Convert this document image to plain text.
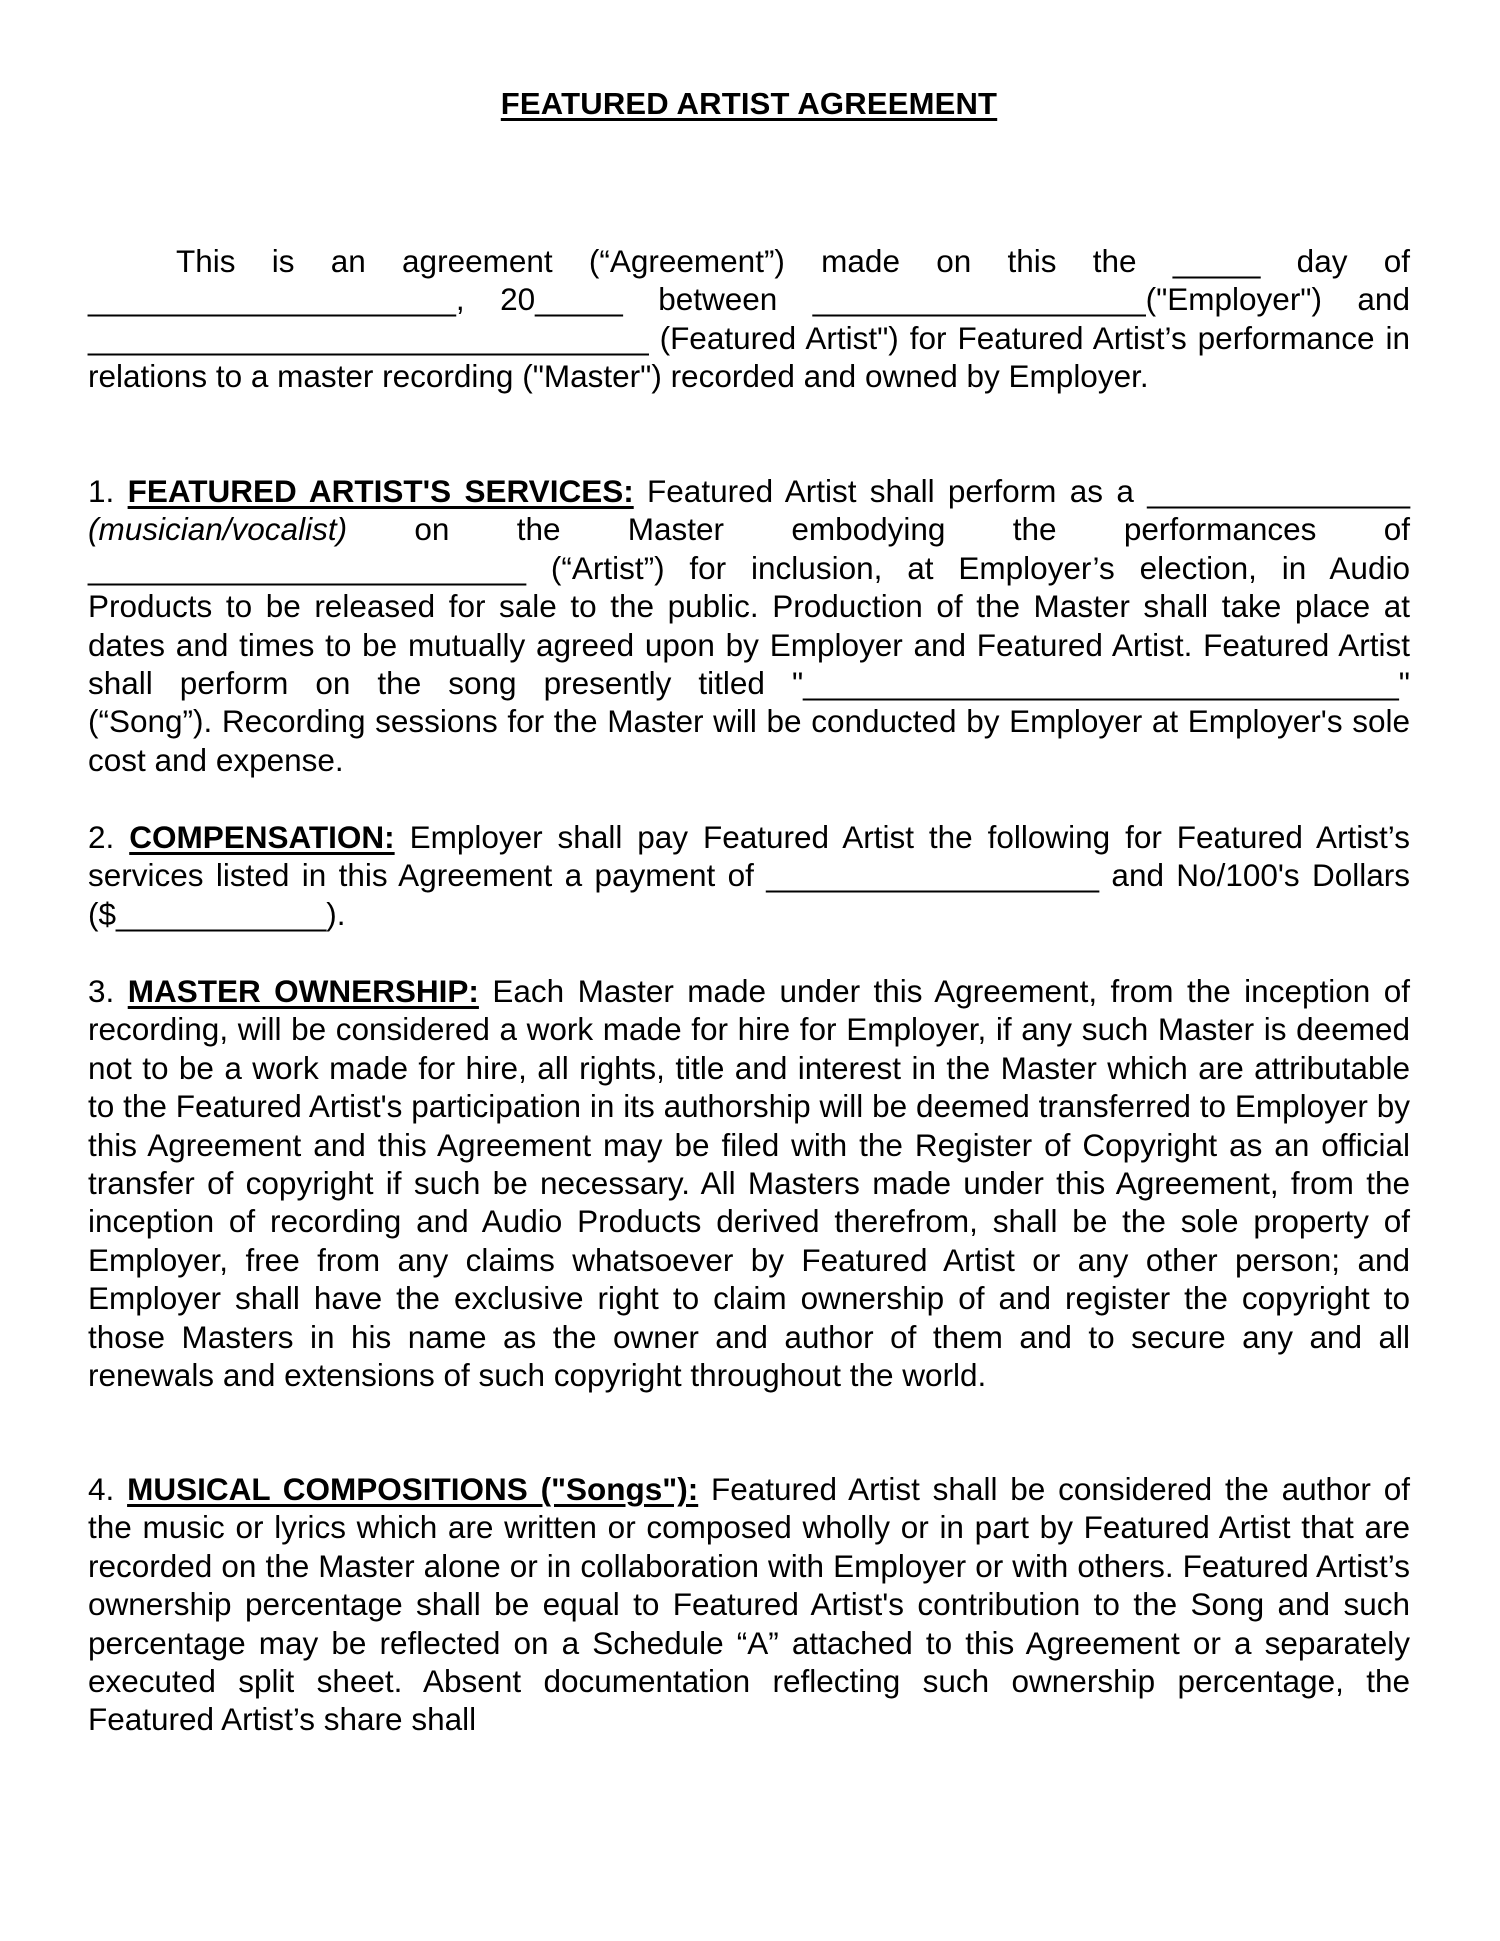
FEATURED ARTIST AGREEMENT
This is an agreement (“Agreement”) made on this the _____ day of _____________________, 20_____ between ___________________("Employer") and ________________________________ (Featured Artist") for Featured Artist’s performance in relations to a master recording ("Master") recorded and owned by Employer.
1. FEATURED ARTIST'S SERVICES: Featured Artist shall perform as a _______________ (musician/vocalist) on the Master embodying the performances of _________________________ (“Artist”) for inclusion, at Employer’s election, in Audio Products to be released for sale to the public. Production of the Master shall take place at dates and times to be mutually agreed upon by Employer and Featured Artist. Featured Artist shall perform on the song presently titled "__________________________________" (“Song”). Recording sessions for the Master will be conducted by Employer at Employer's sole cost and expense.
2. COMPENSATION: Employer shall pay Featured Artist the following for Featured Artist’s services listed in this Agreement a payment of ___________________ and No/100's Dollars ($____________).
3. MASTER OWNERSHIP: Each Master made under this Agreement, from the inception of recording, will be considered a work made for hire for Employer, if any such Master is deemed not to be a work made for hire, all rights, title and interest in the Master which are attributable to the Featured Artist's participation in its authorship will be deemed transferred to Employer by this Agreement and this Agreement may be filed with the Register of Copyright as an official transfer of copyright if such be necessary. All Masters made under this Agreement, from the inception of recording and Audio Products derived therefrom, shall be the sole property of Employer, free from any claims whatsoever by Featured Artist or any other person; and Employer shall have the exclusive right to claim ownership of and register the copyright to those Masters in his name as the owner and author of them and to secure any and all renewals and extensions of such copyright throughout the world.
4. MUSICAL COMPOSITIONS ("Songs"): Featured Artist shall be considered the author of the music or lyrics which are written or composed wholly or in part by Featured Artist that are recorded on the Master alone or in collaboration with Employer or with others. Featured Artist’s ownership percentage shall be equal to Featured Artist's contribution to the Song and such percentage may be reflected on a Schedule “A” attached to this Agreement or a separately executed split sheet. Absent documentation reflecting such ownership percentage, the Featured Artist’s share shall
